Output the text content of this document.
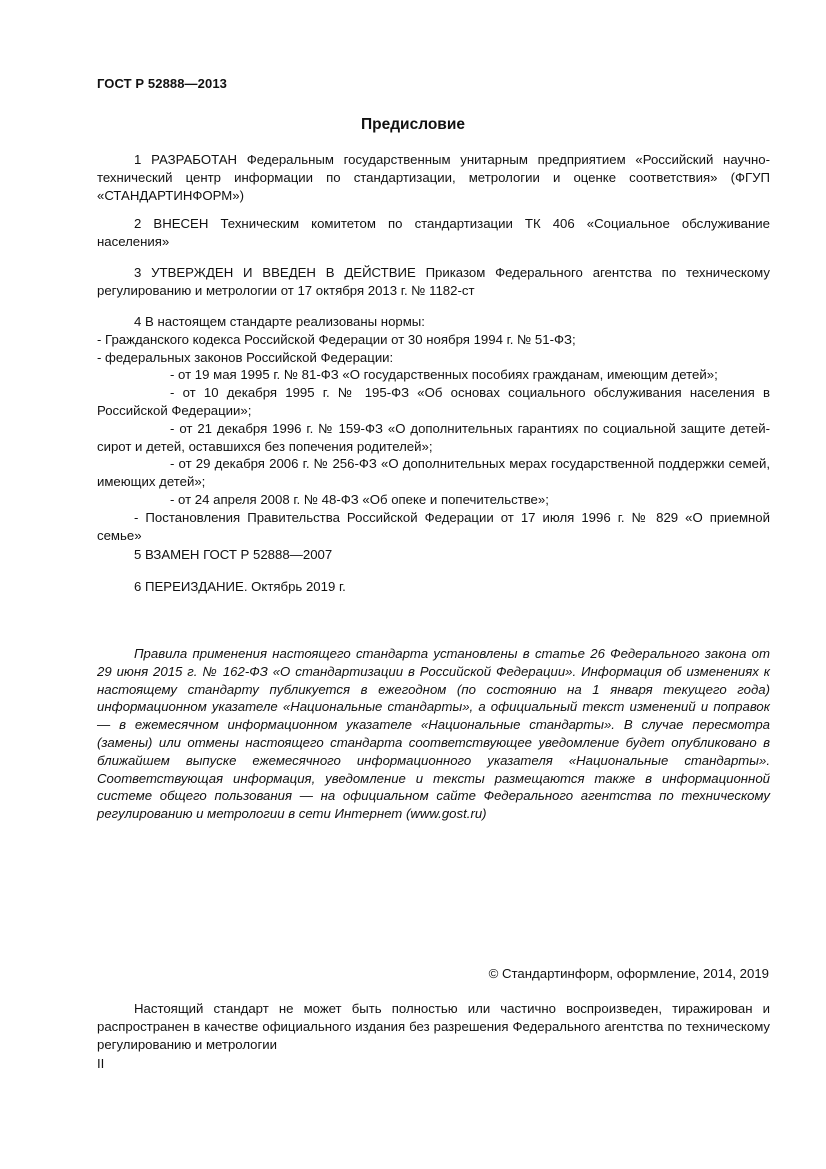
ГОСТ Р 52888—2013
Предисловие

1 РАЗРАБОТАН Федеральным государственным унитарным предприятием «Российский научно-технический центр информации по стандартизации, метрологии и оценке соответствия» (ФГУП «СТАНДАРТИНФОРМ»)

2 ВНЕСЕН Техническим комитетом по стандартизации ТК 406 «Социальное обслуживание населения»

3 УТВЕРЖДЕН И ВВЕДЕН В ДЕЙСТВИЕ Приказом Федерального агентства по техническому регулированию и метрологии от 17 октября 2013 г. № 1182-ст

4 В настоящем стандарте реализованы нормы:

- Гражданского кодекса Российской Федерации от 30 ноября 1994 г. № 51-ФЗ;

- федеральных законов Российской Федерации:

- от 19 мая 1995 г. № 81-ФЗ «О государственных пособиях гражданам, имеющим детей»;

- от 10 декабря 1995 г. № 195-ФЗ «Об основах социального обслуживания населения в Российской Федерации»;

- от 21 декабря 1996 г. № 159-ФЗ «О дополнительных гарантиях по социальной защите детей-сирот и детей, оставшихся без попечения родителей»;

- от 29 декабря 2006 г. № 256-ФЗ «О дополнительных мерах государственной поддержки семей, имеющих детей»;

- от 24 апреля 2008 г. № 48-ФЗ «Об опеке и попечительстве»;

- Постановления Правительства Российской Федерации от 17 июля 1996 г. № 829 «О приемной семье»

5 ВЗАМЕН ГОСТ Р 52888—2007

6 ПЕРЕИЗДАНИЕ. Октябрь 2019 г.

Правила применения настоящего стандарта установлены в статье 26 Федерального закона от 29 июня 2015 г. № 162-ФЗ «О стандартизации в Российской Федерации». Информация об изменениях к настоящему стандарту публикуется в ежегодном (по состоянию на 1 января текущего года) информационном указателе «Национальные стандарты», а официальный текст изменений и поправок — в ежемесячном информационном указателе «Национальные стандарты». В случае пересмотра (замены) или отмены настоящего стандарта соответствующее уведомление будет опубликовано в ближайшем выпуске ежемесячного информационного указателя «Национальные стандарты». Соответствующая информация, уведомление и тексты размещаются также в информационной системе общего пользования — на официальном сайте Федерального агентства по техническому регулированию и метрологии в сети Интернет (www.gost.ru)

© Стандартинформ, оформление, 2014, 2019

Настоящий стандарт не может быть полностью или частично воспроизведен, тиражирован и распространен в качестве официального издания без разрешения Федерального агентства по техническому регулированию и метрологии

II
